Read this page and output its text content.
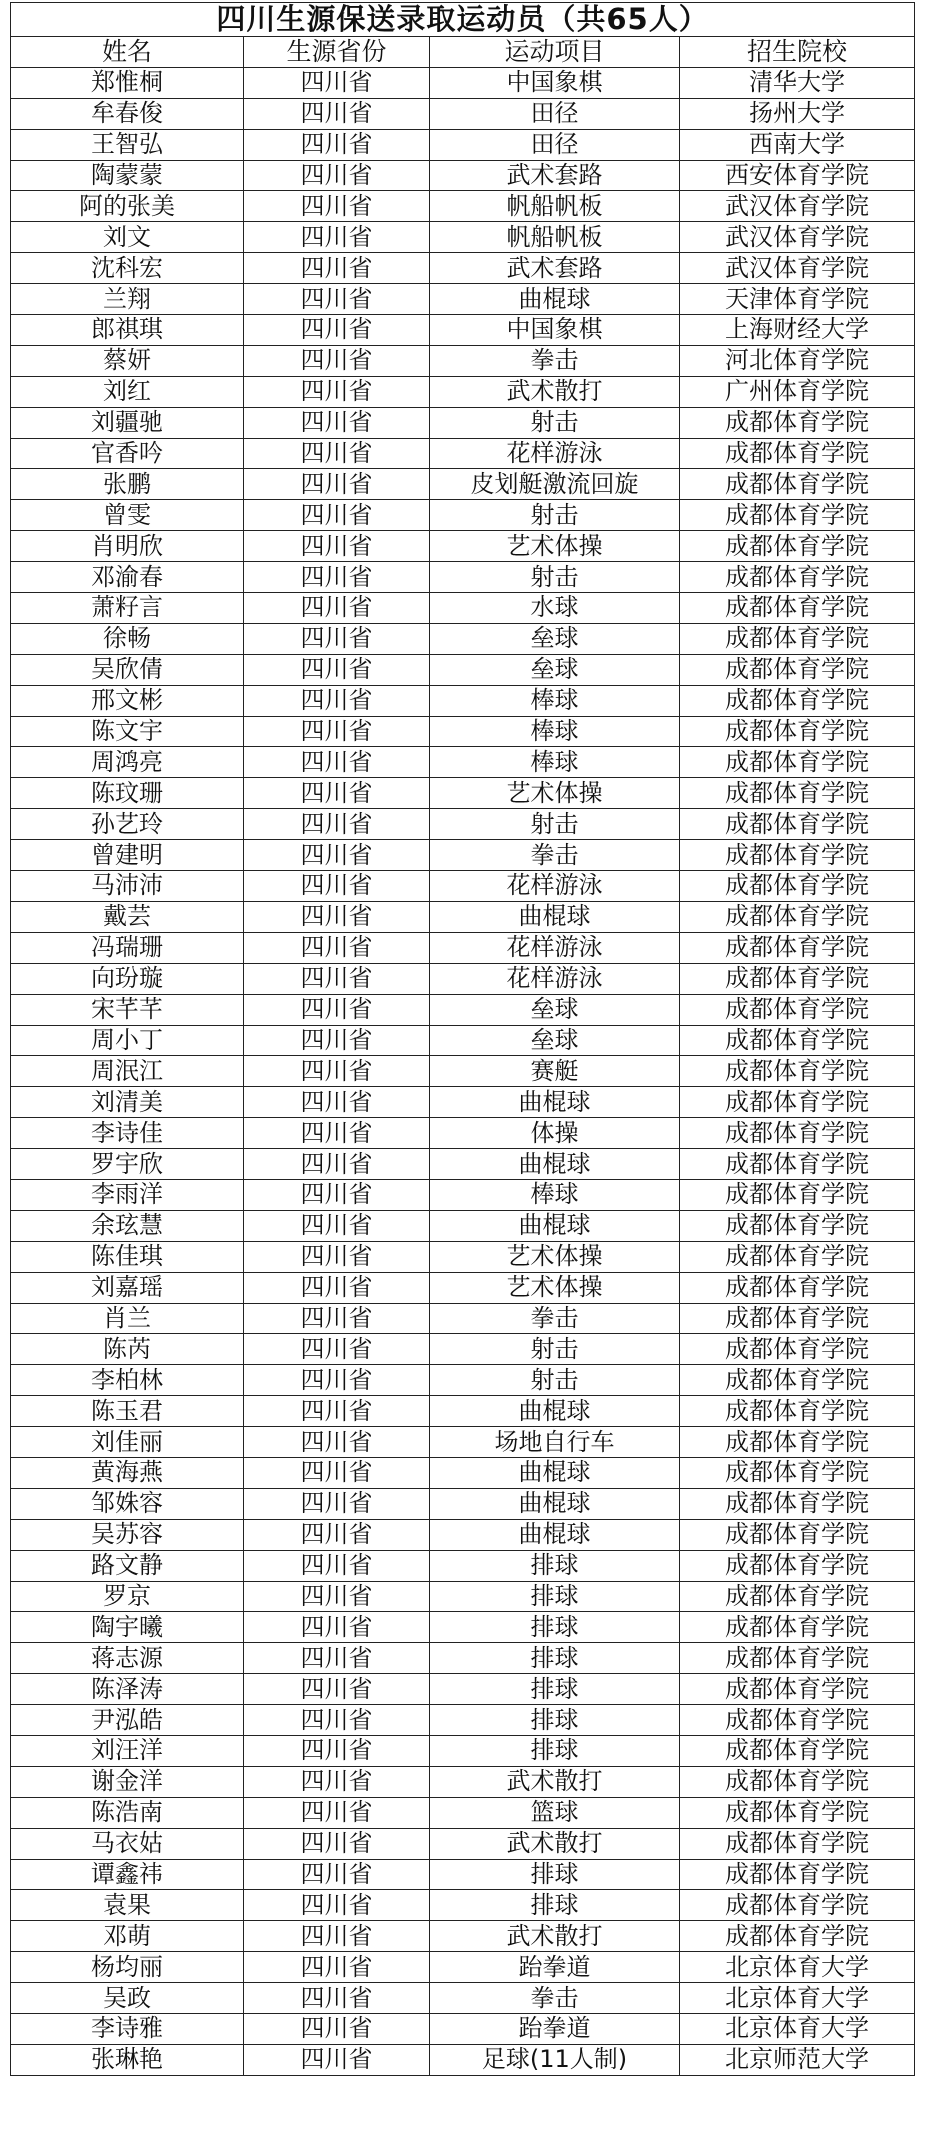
四川生源保送录取运动员（共65人）			
姓名	生源省份	运动项目	招生院校
郑惟桐	四川省	中国象棋	清华大学
牟春俊	四川省	田径	扬州大学
王智弘	四川省	田径	西南大学
陶蒙蒙	四川省	武术套路	西安体育学院
阿的张美	四川省	帆船帆板	武汉体育学院
刘文	四川省	帆船帆板	武汉体育学院
沈科宏	四川省	武术套路	武汉体育学院
兰翔	四川省	曲棍球	天津体育学院
郎祺琪	四川省	中国象棋	上海财经大学
蔡妍	四川省	拳击	河北体育学院
刘红	四川省	武术散打	广州体育学院
刘疆驰	四川省	射击	成都体育学院
官香吟	四川省	花样游泳	成都体育学院
张鹏	四川省	皮划艇激流回旋	成都体育学院
曾雯	四川省	射击	成都体育学院
肖明欣	四川省	艺术体操	成都体育学院
邓渝春	四川省	射击	成都体育学院
萧籽言	四川省	水球	成都体育学院
徐畅	四川省	垒球	成都体育学院
吴欣倩	四川省	垒球	成都体育学院
邢文彬	四川省	棒球	成都体育学院
陈文宇	四川省	棒球	成都体育学院
周鸿亮	四川省	棒球	成都体育学院
陈玟珊	四川省	艺术体操	成都体育学院
孙艺玲	四川省	射击	成都体育学院
曾建明	四川省	拳击	成都体育学院
马沛沛	四川省	花样游泳	成都体育学院
戴芸	四川省	曲棍球	成都体育学院
冯瑞珊	四川省	花样游泳	成都体育学院
向玢璇	四川省	花样游泳	成都体育学院
宋芊芊	四川省	垒球	成都体育学院
周小丁	四川省	垒球	成都体育学院
周泯江	四川省	赛艇	成都体育学院
刘清美	四川省	曲棍球	成都体育学院
李诗佳	四川省	体操	成都体育学院
罗宇欣	四川省	曲棍球	成都体育学院
李雨洋	四川省	棒球	成都体育学院
余玹慧	四川省	曲棍球	成都体育学院
陈佳琪	四川省	艺术体操	成都体育学院
刘嘉瑶	四川省	艺术体操	成都体育学院
肖兰	四川省	拳击	成都体育学院
陈芮	四川省	射击	成都体育学院
李柏林	四川省	射击	成都体育学院
陈玉君	四川省	曲棍球	成都体育学院
刘佳丽	四川省	场地自行车	成都体育学院
黄海燕	四川省	曲棍球	成都体育学院
邹姝容	四川省	曲棍球	成都体育学院
吴苏容	四川省	曲棍球	成都体育学院
路文静	四川省	排球	成都体育学院
罗京	四川省	排球	成都体育学院
陶宇曦	四川省	排球	成都体育学院
蒋志源	四川省	排球	成都体育学院
陈泽涛	四川省	排球	成都体育学院
尹泓皓	四川省	排球	成都体育学院
刘汪洋	四川省	排球	成都体育学院
谢金洋	四川省	武术散打	成都体育学院
陈浩南	四川省	篮球	成都体育学院
马衣姑	四川省	武术散打	成都体育学院
谭鑫祎	四川省	排球	成都体育学院
袁果	四川省	排球	成都体育学院
邓萌	四川省	武术散打	成都体育学院
杨均丽	四川省	跆拳道	北京体育大学
吴政	四川省	拳击	北京体育大学
李诗雅	四川省	跆拳道	北京体育大学
张琳艳	四川省	足球(11人制)	北京师范大学
